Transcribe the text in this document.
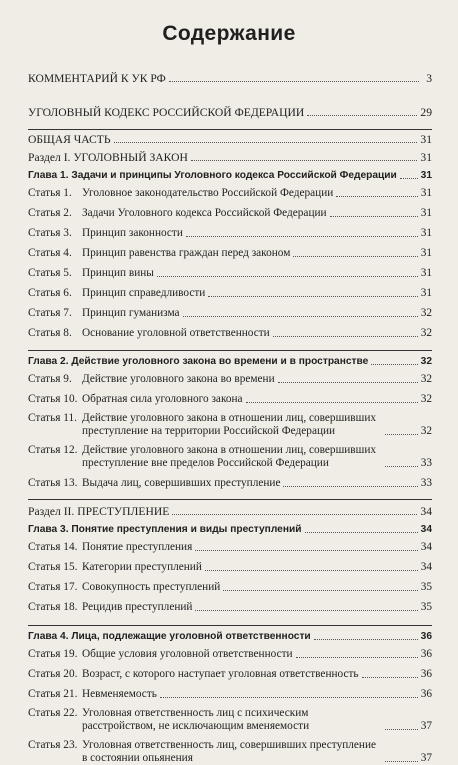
Содержание
КОММЕНТАРИЙ К УК РФ	3
УГОЛОВНЫЙ КОДЕКС РОССИЙСКОЙ ФЕДЕРАЦИИ	29
ОБЩАЯ ЧАСТЬ	31
Раздел I. УГОЛОВНЫЙ ЗАКОН	31
Глава 1. Задачи и принципы Уголовного кодекса Российской Федерации 31
Статья 1. Уголовное законодательство Российской Федерации	31
Статья 2. Задачи Уголовного кодекса Российской Федерации	31
Статья 3. Принцип законности	31
Статья 4. Принцип равенства граждан перед законом	31
Статья 5. Принцип вины	31
Статья 6. Принцип справедливости	31
Статья 7. Принцип гуманизма	32
Статья 8. Основание уголовной ответственности	32
Глава 2. Действие уголовного закона во времени и в пространстве	32
Статья 9. Действие уголовного закона во времени	32
Статья 10. Обратная сила уголовного закона	32
Статья 11. Действие уголовного закона в отношении лиц, совершивших преступление на территории Российской Федерации	32
Статья 12. Действие уголовного закона в отношении лиц, совершивших преступление вне пределов Российской Федерации	33
Статья 13. Выдача лиц, совершивших преступление	33
Раздел II. ПРЕСТУПЛЕНИЕ	34
Глава 3. Понятие преступления и виды преступлений	34
Статья 14. Понятие преступления	34
Статья 15. Категории преступлений	34
Статья 17. Совокупность преступлений	35
Статья 18. Рецидив преступлений	35
Глава 4. Лица, подлежащие уголовной ответственности	36
Статья 19. Общие условия уголовной ответственности	36
Статья 20. Возраст, с которого наступает уголовная ответственность	36
Статья 21. Невменяемость	36
Статья 22. Уголовная ответственность лиц с психическим расстройством, не исключающим вменяемости	37
Статья 23. Уголовная ответственность лиц, совершивших преступление в состоянии опьянения	37
